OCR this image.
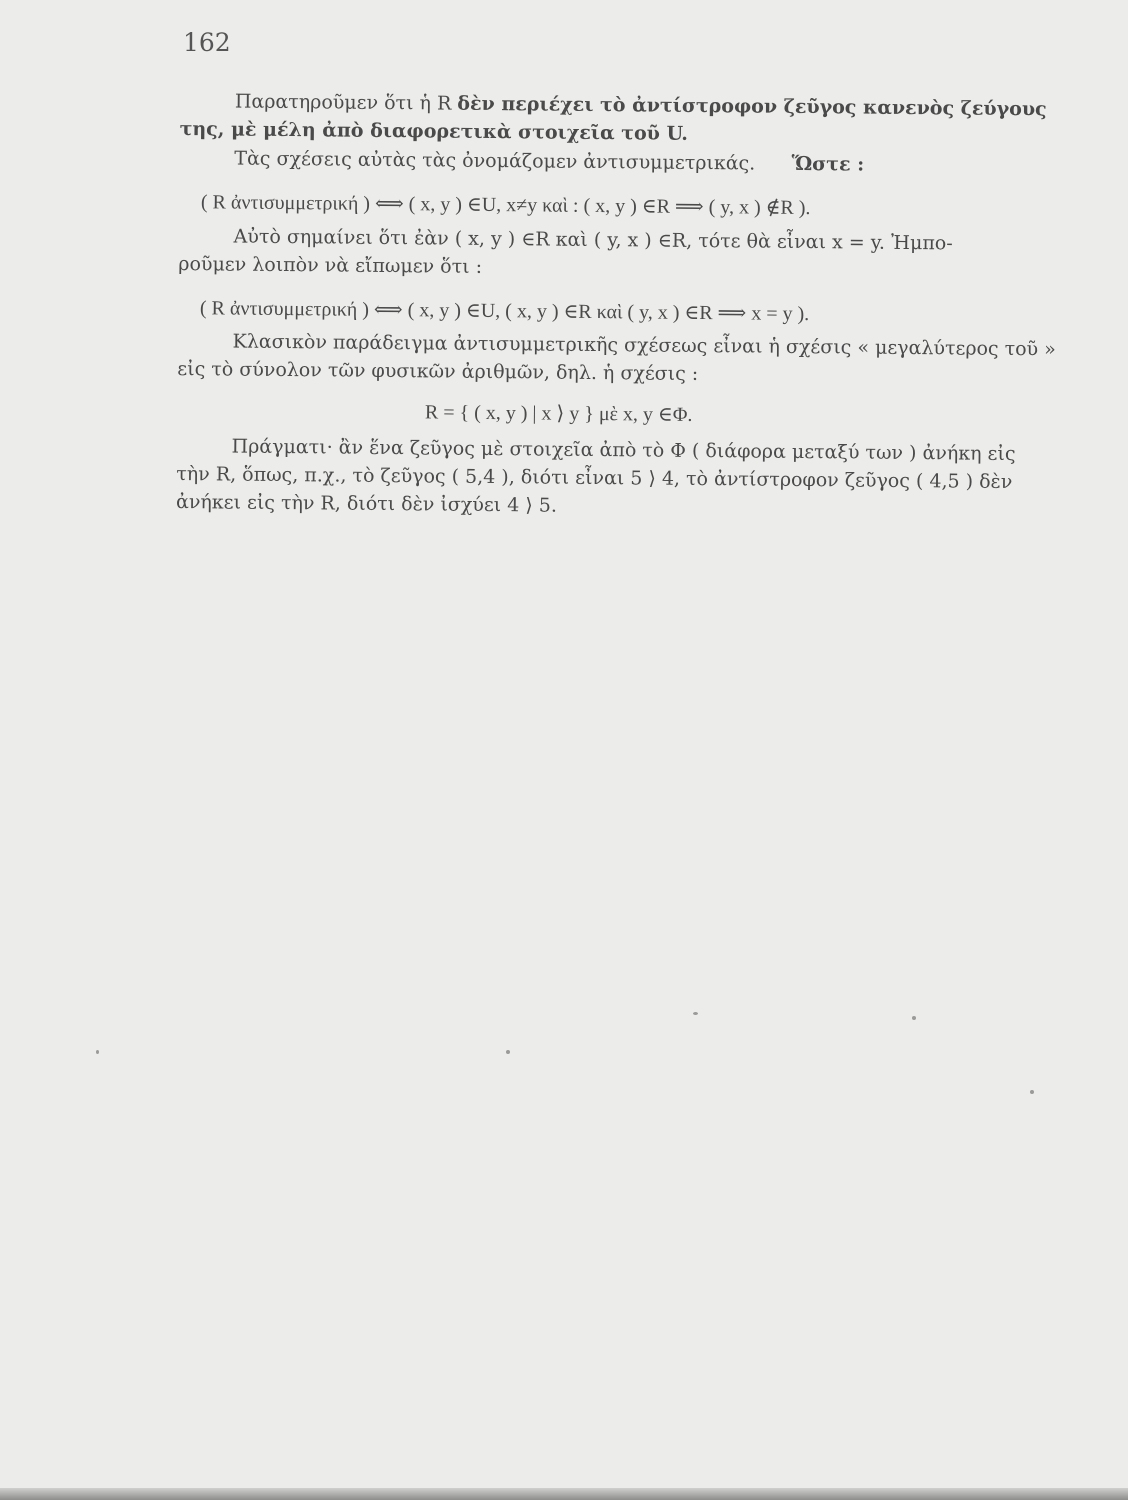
162
Παρατηροῦμεν ὅτι ἡ R δὲν περιέχει τὸ ἀντίστροφον ζεῦγος κανενὸς ζεύγους
της, μὲ μέλη ἀπὸ διαφορετικὰ στοιχεῖα τοῦ U.
Τὰς σχέσεις αὐτὰς τὰς ὀνομάζομεν ἀντισυμμετρικάς. Ὥστε :
( R ἀντισυμμετρική ) ⟺ ( x, y ) ∈U, x≠y καὶ : ( x, y ) ∈R ⟹ ( y, x ) ∉R ).
Αὐτὸ σημαίνει ὅτι ἐὰν ( x, y ) ∈R καὶ ( y, x ) ∈R, τότε θὰ εἶναι x = y. Ἠμπο-
ροῦμεν λοιπὸν νὰ εἴπωμεν ὅτι :
( R ἀντισυμμετρική ) ⟺ ( x, y ) ∈U, ( x, y ) ∈R καὶ ( y, x ) ∈R ⟹ x = y ).
Κλασικὸν παράδειγμα ἀντισυμμετρικῆς σχέσεως εἶναι ἡ σχέσις « μεγαλύτερος τοῦ »
εἰς τὸ σύνολον τῶν φυσικῶν ἀριθμῶν, δηλ. ἡ σχέσις :
R = { ( x, y ) | x ⟩ y } μὲ x, y ∈Φ.
Πράγματι· ἂν ἕνα ζεῦγος μὲ στοιχεῖα ἀπὸ τὸ Φ ( διάφορα μεταξύ των ) ἀνήκη εἰς
τὴν R, ὅπως, π.χ., τὸ ζεῦγος ( 5,4 ), διότι εἶναι 5 ⟩ 4, τὸ ἀντίστροφον ζεῦγος ( 4,5 ) δὲν
ἀνήκει εἰς τὴν R, διότι δὲν ἰσχύει 4 ⟩ 5.
